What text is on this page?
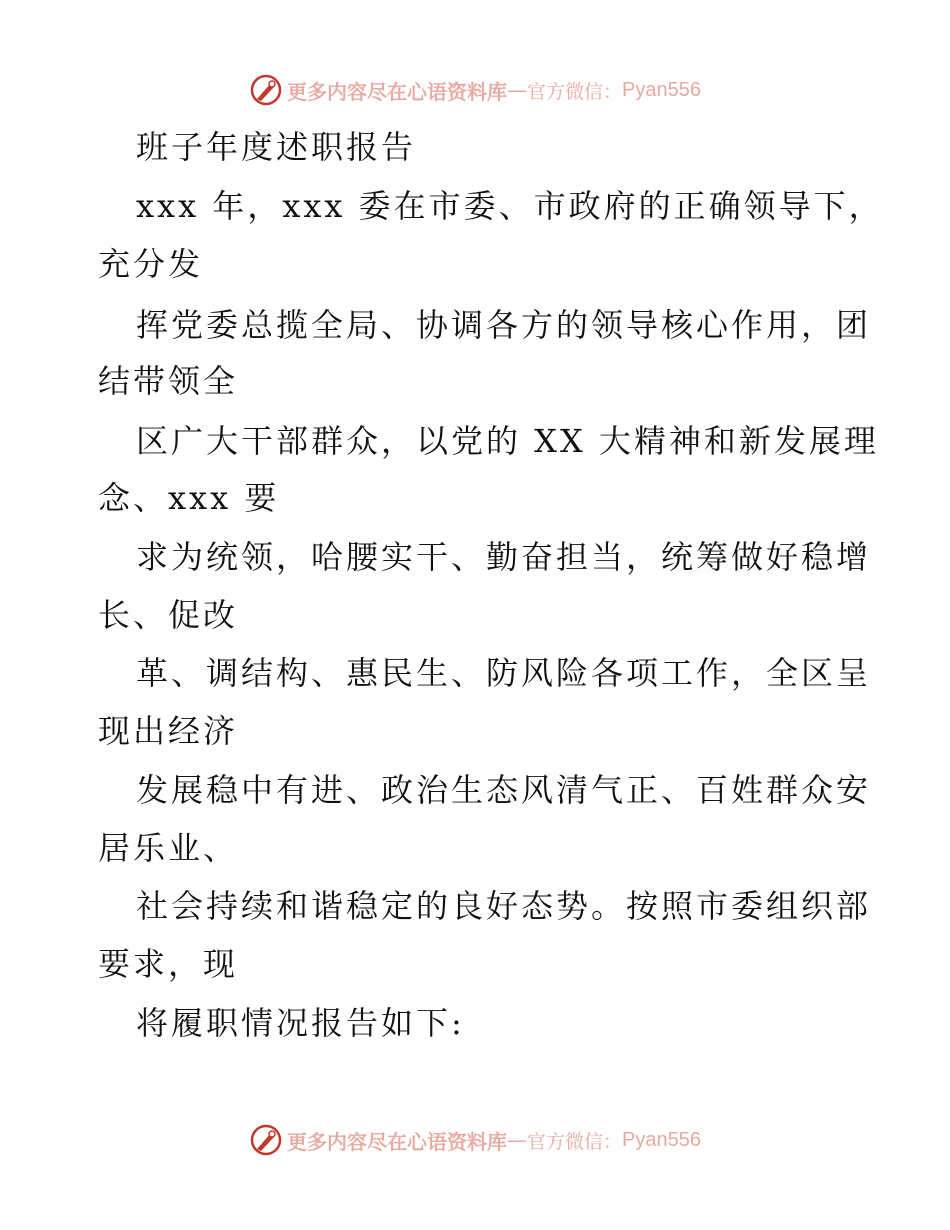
更多内容尽在心语资料库 — 官方微信： Pyan556
班子年度述职报告

xxx 年，xxx 委在市委、市政府的正确领导下，

充分发

挥党委总揽全局、协调各方的领导核心作用，团

结带领全

区广大干部群众，以党的 XX 大精神和新发展理

念、xxx 要

求为统领，哈腰实干、勤奋担当，统筹做好稳增

长、促改

革、调结构、惠民生、防风险各项工作，全区呈

现出经济

发展稳中有进、政治生态风清气正、百姓群众安

居乐业、

社会持续和谐稳定的良好态势。按照市委组织部

要求，现

将履职情况报告如下:

更多内容尽在心语资料库 — 官方微信： Pyan556
